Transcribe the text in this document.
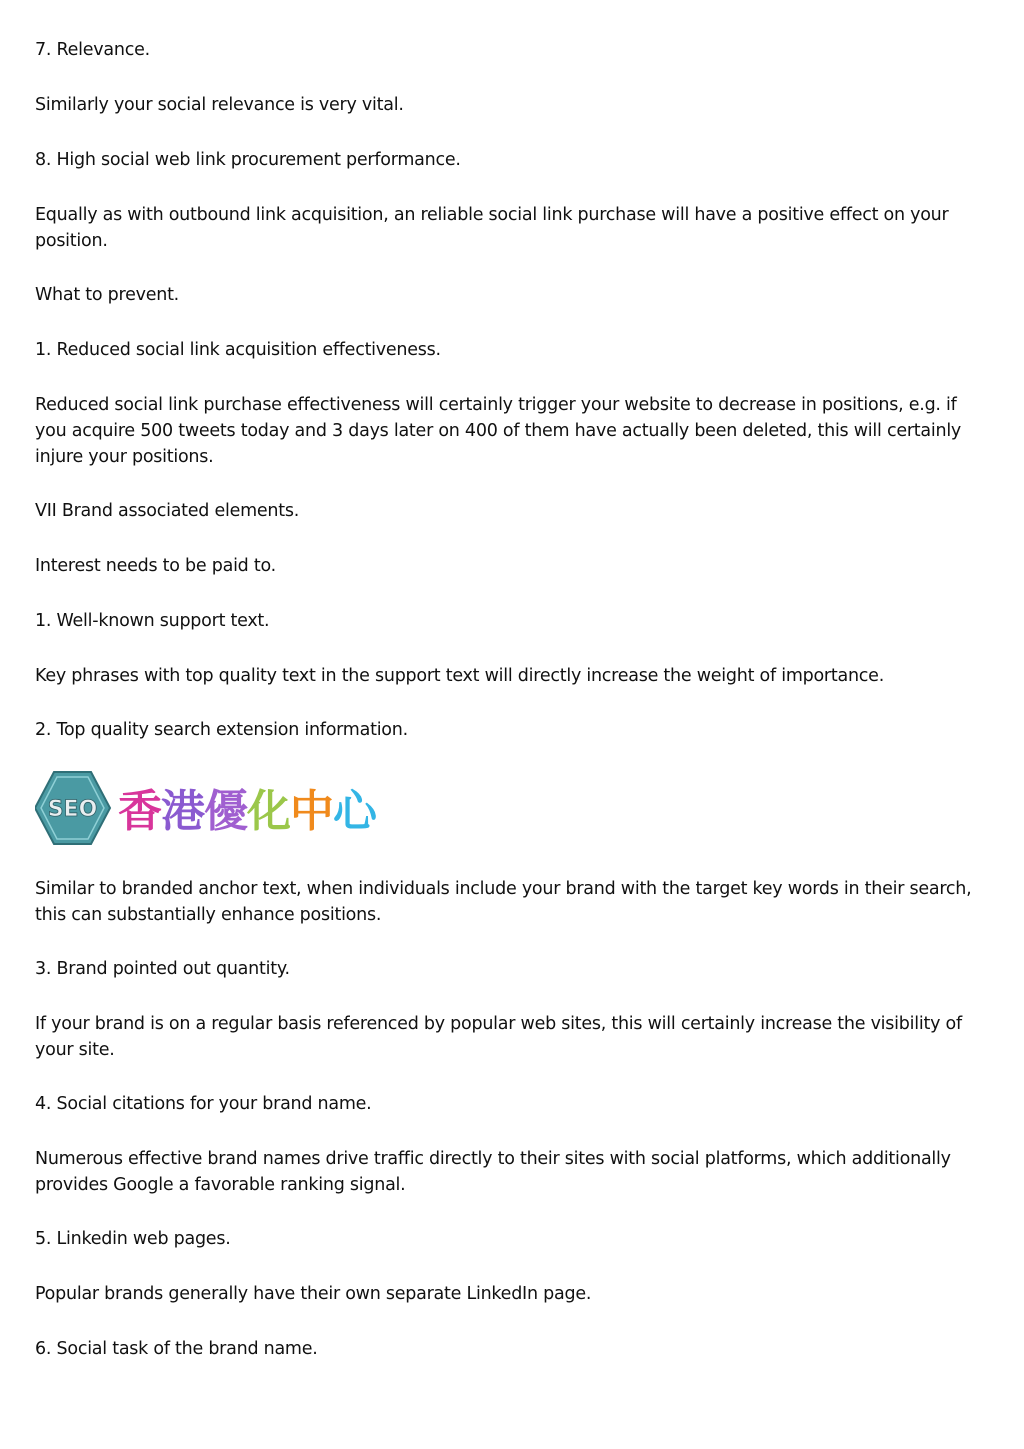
7. Relevance.

Similarly your social relevance is very vital.

8. High social web link procurement performance.

Equally as with outbound link acquisition, an reliable social link purchase will have a positive effect on your position.

What to prevent.

1. Reduced social link acquisition effectiveness.

Reduced social link purchase effectiveness will certainly trigger your website to decrease in positions, e.g. if you acquire 500 tweets today and 3 days later on 400 of them have actually been deleted, this will certainly injure your positions.

VII Brand associated elements.

Interest needs to be paid to.

1. Well-known support text.

Key phrases with top quality text in the support text will directly increase the weight of importance.

2. Top quality search extension information.

SEO 香 港 優 化 中 心

Similar to branded anchor text, when individuals include your brand with the target key words in their search, this can substantially enhance positions.

3. Brand pointed out quantity.

If your brand is on a regular basis referenced by popular web sites, this will certainly increase the visibility of your site.

4. Social citations for your brand name.

Numerous effective brand names drive traffic directly to their sites with social platforms, which additionally provides Google a favorable ranking signal.

5. Linkedin web pages.

Popular brands generally have their own separate LinkedIn page.

6. Social task of the brand name.
